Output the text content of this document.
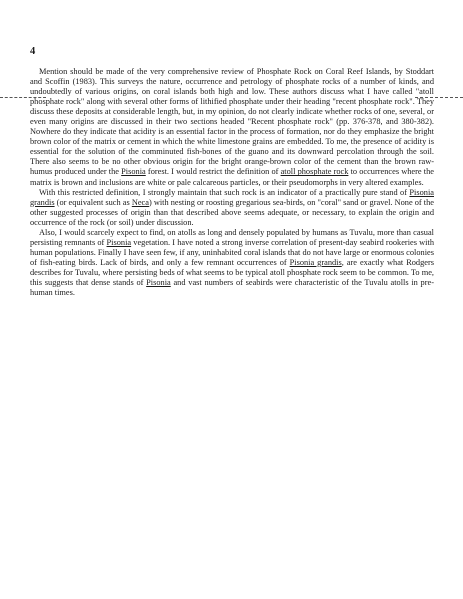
4

Mention should be made of the very comprehensive review of Phosphate Rock on Coral Reef Islands, by Stoddart and Scoffin (1983). This surveys the nature, occurrence and petrology of phosphate rocks of a number of kinds, and undoubtedly of various origins, on coral islands both high and low. These authors discuss what I have called "atoll phosphate rock" along with several other forms of lithified phosphate under their heading "recent phosphate rock". They discuss these deposits at considerable length, but, in my opinion, do not clearly indicate whether rocks of one, several, or even many origins are discussed in their two sections headed "Recent phosphate rock" (pp. 376-378, and 380-382). Nowhere do they indicate that acidity is an essential factor in the process of formation, nor do they emphasize the bright brown color of the matrix or cement in which the white limestone grains are embedded. To me, the presence of acidity is essential for the solution of the comminuted fish-bones of the guano and its downward percolation through the soil. There also seems to be no other obvious origin for the bright orange-brown color of the cement than the brown raw-humus produced under the Pisonia forest. I would restrict the definition of atoll phosphate rock to occurrences where the matrix is brown and inclusions are white or pale calcareous particles, or their pseudomorphs in very altered examples.

With this restricted definition, I strongly maintain that such rock is an indicator of a practically pure stand of Pisonia grandis (or equivalent such as Neca) with nesting or roosting gregarious sea-birds, on "coral" sand or gravel. None of the other suggested processes of origin than that described above seems adequate, or necessary, to explain the origin and occurrence of the rock (or soil) under discussion.

Also, I would scarcely expect to find, on atolls as long and densely populated by humans as Tuvalu, more than casual persisting remnants of Pisonia vegetation. I have noted a strong inverse correlation of present-day seabird rookeries with human populations. Finally I have seen few, if any, uninhabited coral islands that do not have large or enormous colonies of fish-eating birds. Lack of birds, and only a few remnant occurrences of Pisonia grandis, are exactly what Rodgers describes for Tuvalu, where persisting beds of what seems to be typical atoll phosphate rock seem to be common. To me, this suggests that dense stands of Pisonia and vast numbers of seabirds were characteristic of the Tuvalu atolls in pre-human times.
